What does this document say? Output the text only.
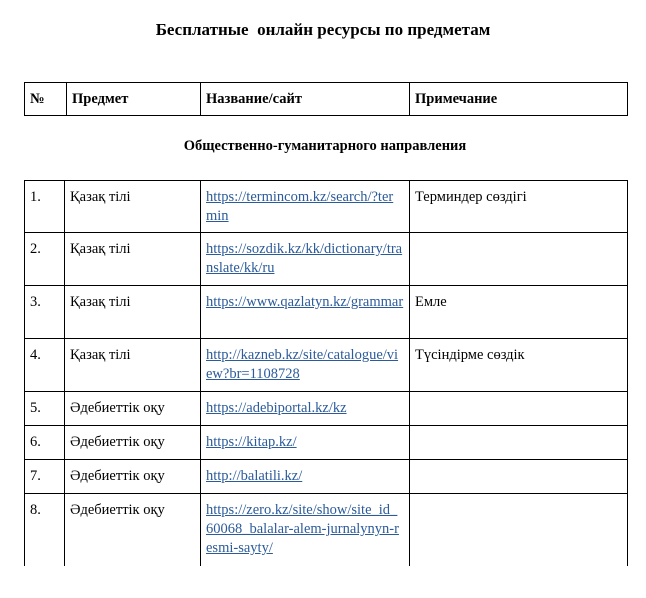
Бесплатные  онлайн ресурсы по предметам
№	Предмет	Название/сайт	Примечание
Общественно-гуманитарного направления
1.	Қазақ тілі	https://termincom.kz/search/?termin	Терминдер сөздігі
2.	Қазақ тілі	https://sozdik.kz/kk/dictionary/translate/kk/ru	
3.	Қазақ тілі	https://www.qazlatyn.kz/grammar	Емле
4.	Қазақ тілі	http://kazneb.kz/site/catalogue/view?br=1108728	Түсіндірме сөздік
5.	Әдебиеттік оқу	https://adebiportal.kz/kz	
6.	Әдебиеттік оқу	https://kitap.kz/	
7.	Әдебиеттік оқу	http://balatili.kz/	
8.	Әдебиеттік оқу	https://zero.kz/site/show/site_id_60068_balalar-alem-jurnalynyn-resmi-sayty/	
